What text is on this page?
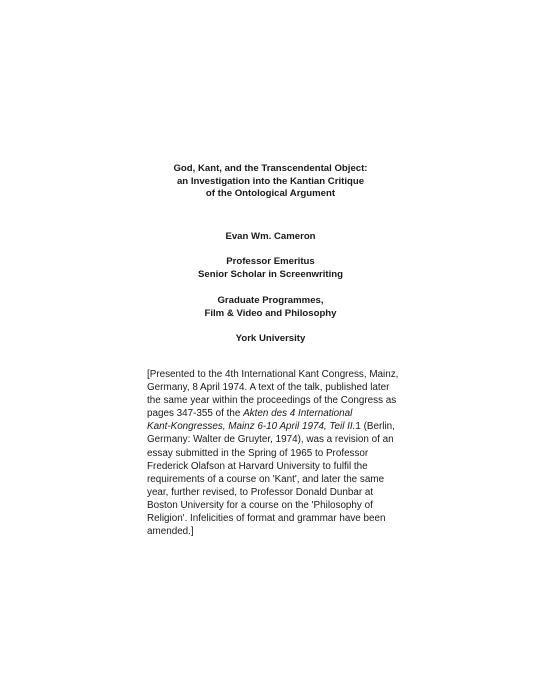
God, Kant, and the Transcendental Object:
an Investigation into the Kantian Critique
of the Ontological Argument
Evan Wm. Cameron
Professor Emeritus
Senior Scholar in Screenwriting
Graduate Programmes,
Film & Video and Philosophy
York University
[Presented to the 4th International Kant Congress, Mainz,
Germany, 8 April 1974. A text of the talk, published later
the same year within the proceedings of the Congress as
pages 347-355 of the Akten des 4 International
Kant-Kongresses, Mainz 6-10 April 1974, Teil II.1 (Berlin,
Germany: Walter de Gruyter, 1974), was a revision of an
essay submitted in the Spring of 1965 to Professor
Frederick Olafson at Harvard University to fulfil the
requirements of a course on 'Kant', and later the same
year, further revised, to Professor Donald Dunbar at
Boston University for a course on the 'Philosophy of
Religion'. Infelicities of format and grammar have been
amended.]
